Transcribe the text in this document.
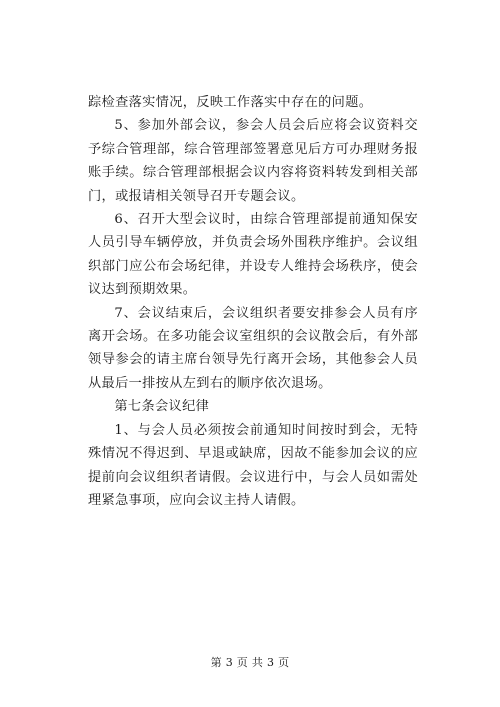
踪检查落实情况，反映工作落实中存在的问题。

5、参加外部会议，参会人员会后应将会议资料交予综合管理部，综合管理部签署意见后方可办理财务报账手续。综合管理部根据会议内容将资料转发到相关部门，或报请相关领导召开专题会议。

6、召开大型会议时，由综合管理部提前通知保安人员引导车辆停放，并负责会场外围秩序维护。会议组织部门应公布会场纪律，并设专人维持会场秩序，使会议达到预期效果。

7、会议结束后，会议组织者要安排参会人员有序离开会场。在多功能会议室组织的会议散会后，有外部领导参会的请主席台领导先行离开会场，其他参会人员从最后一排按从左到右的顺序依次退场。

第七条会议纪律

1、与会人员必须按会前通知时间按时到会，无特殊情况不得迟到、早退或缺席，因故不能参加会议的应提前向会议组织者请假。会议进行中，与会人员如需处理紧急事项，应向会议主持人请假。

第 3 页 共 3 页
